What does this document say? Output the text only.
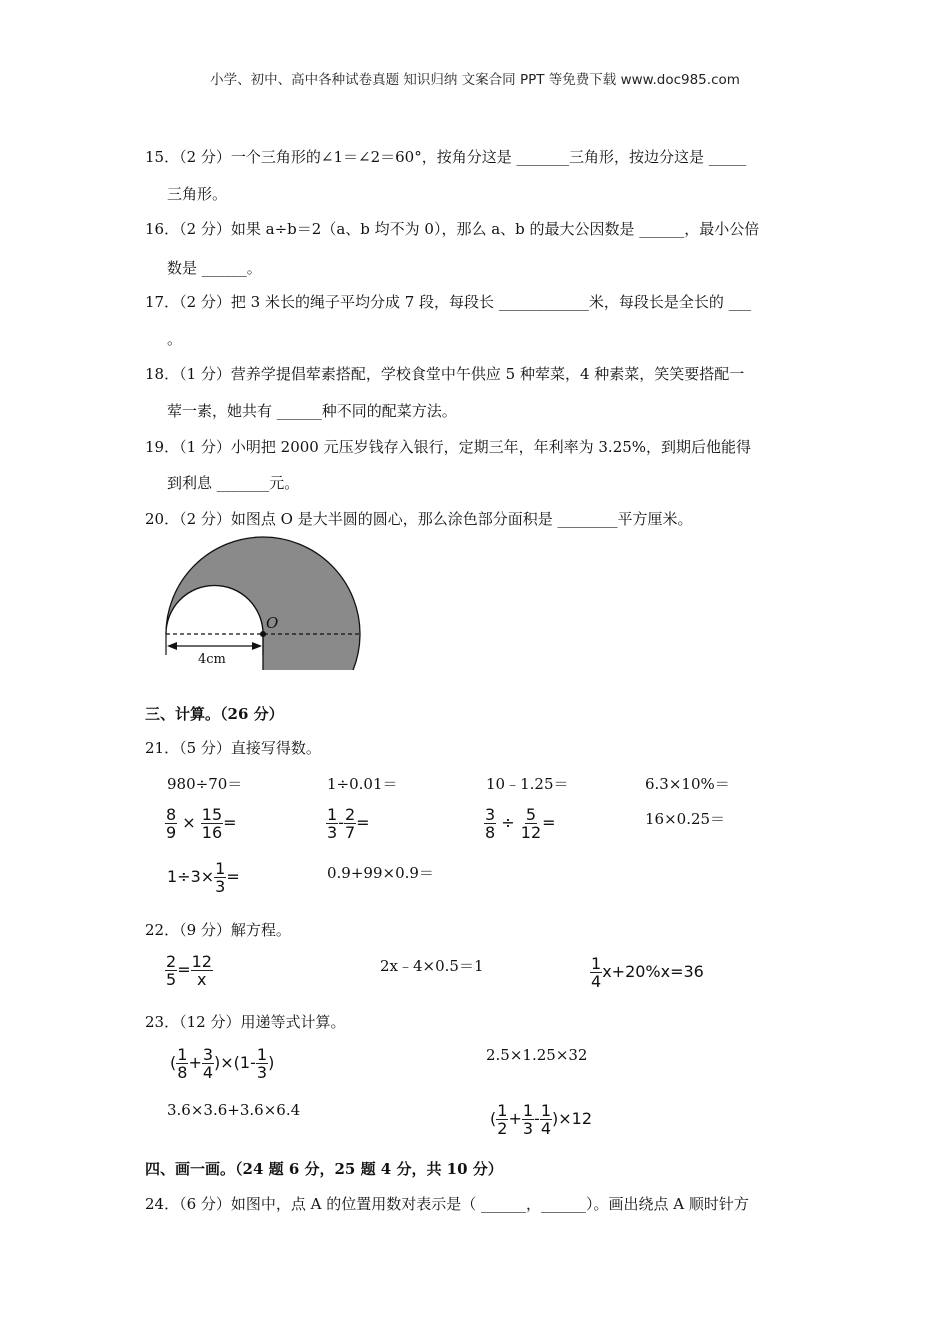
小学、初中、高中各种试卷真题 知识归纳 文案合同 PPT 等免费下载 www.doc985.com
15．（2 分）一个三角形的∠1＝∠2＝60°，按角分这是 _______三角形，按边分这是 _____
三角形。
16．（2 分）如果 a÷b＝2（a、b 均不为 0），那么 a、b 的最大公因数是 ______，最小公倍
数是 ______。
17．（2 分）把 3 米长的绳子平均分成 7 段，每段长 ____________米，每段长是全长的 ___
。
18．（1 分）营养学提倡荤素搭配，学校食堂中午供应 5 种荤菜，4 种素菜，笑笑要搭配一
荤一素，她共有 ______种不同的配菜方法。
19．（1 分）小明把 2000 元压岁钱存入银行，定期三年，年利率为 3.25%，到期后他能得
到利息 _______元。
20．（2 分）如图点 O 是大半圆的圆心，那么涂色部分面积是 ________平方厘米。
O
4cm
三、计算。（26 分）
21．（5 分）直接写得数。
980÷70＝	1÷0.01＝	10﹣1.25＝	6.3×10%＝
$\frac{8}{9} \times \frac{15}{16}$ =	$\frac{1}{3} - \frac{2}{7}$ =	$\frac{3}{8} \div \frac{5}{12}$ =	16×0.25＝
$1\div 3\times \frac{1}{3}$ =	0.9+99×0.9＝
22．（9 分）解方程。
$\frac{2}{5} = \frac{12}{x}$	2x﹣4×0.5＝1	$\frac{1}{4} x+20\%x=36$
23．（12 分）用递等式计算。
( $\frac{1}{8} + \frac{3}{4} )\times(1- \frac{1}{3}$ )	2.5×1.25×32
3.6×3.6+3.6×6.4	( $\frac{1}{2} + \frac{1}{3} - \frac{1}{4} )\times 12$
四、画一画。（24 题 6 分，25 题 4 分，共 10 分）
24．（6 分）如图中，点 A 的位置用数对表示是（ ______，______）。画出绕点 A 顺时针方
